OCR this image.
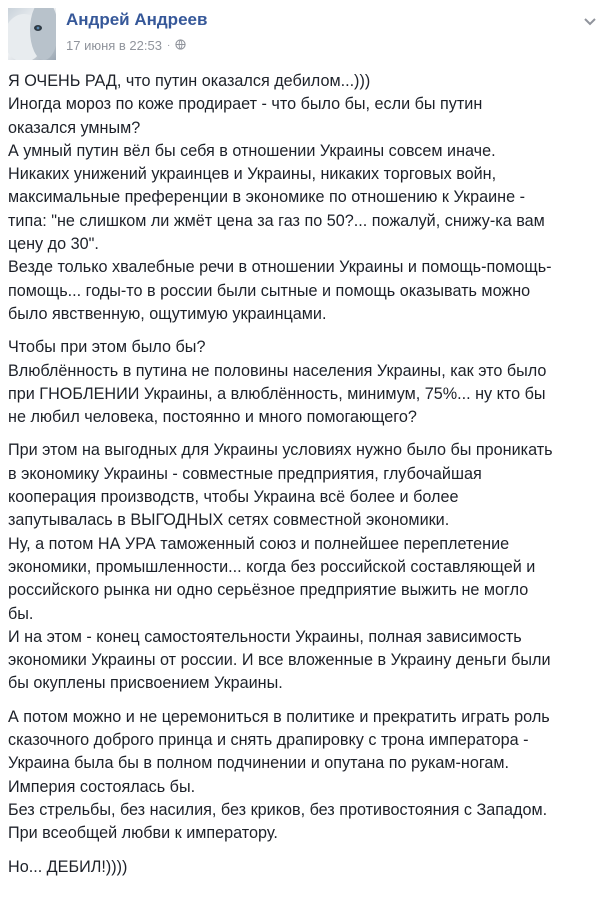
Андрей Андреев
17 июня в 22:53 ·

Я ОЧЕНЬ РАД, что путин оказался дебилом...)))
Иногда мороз по коже продирает - что было бы, если бы путин
оказался умным?
А умный путин вёл бы себя в отношении Украины совсем иначе.
Никаких унижений украинцев и Украины, никаких торговых войн,
максимальные преференции в экономике по отношению к Украине -
типа: "не слишком ли жмёт цена за газ по 50?... пожалуй, снижу-ка вам
цену до 30".
Везде только хвалебные речи в отношении Украины и помощь-помощь-
помощь... годы-то в россии были сытные и помощь оказывать можно
было явственную, ощутимую украинцами.

Чтобы при этом было бы?
Влюблённость в путина не половины населения Украины, как это было
при ГНОБЛЕНИИ Украины, а влюблённость, минимум, 75%... ну кто бы
не любил человека, постоянно и много помогающего?

При этом на выгодных для Украины условиях нужно было бы проникать
в экономику Украины - совместные предприятия, глубочайшая
кооперация производств, чтобы Украина всё более и более
запутывалась в ВЫГОДНЫХ сетях совместной экономики.
Ну, а потом НА УРА таможенный союз и полнейшее переплетение
экономики, промышленности... когда без российской составляющей и
российского рынка ни одно серьёзное предприятие выжить не могло
бы.
И на этом - конец самостоятельности Украины, полная зависимость
экономики Украины от россии. И все вложенные в Украину деньги были
бы окуплены присвоением Украины.

А потом можно и не церемониться в политике и прекратить играть роль
сказочного доброго принца и снять драпировку с трона императора -
Украина была бы в полном подчинении и опутана по рукам-ногам.
Империя состоялась бы.
Без стрельбы, без насилия, без криков, без противостояния с Западом.
При всеобщей любви к императору.

Но... ДЕБИЛ!))))
